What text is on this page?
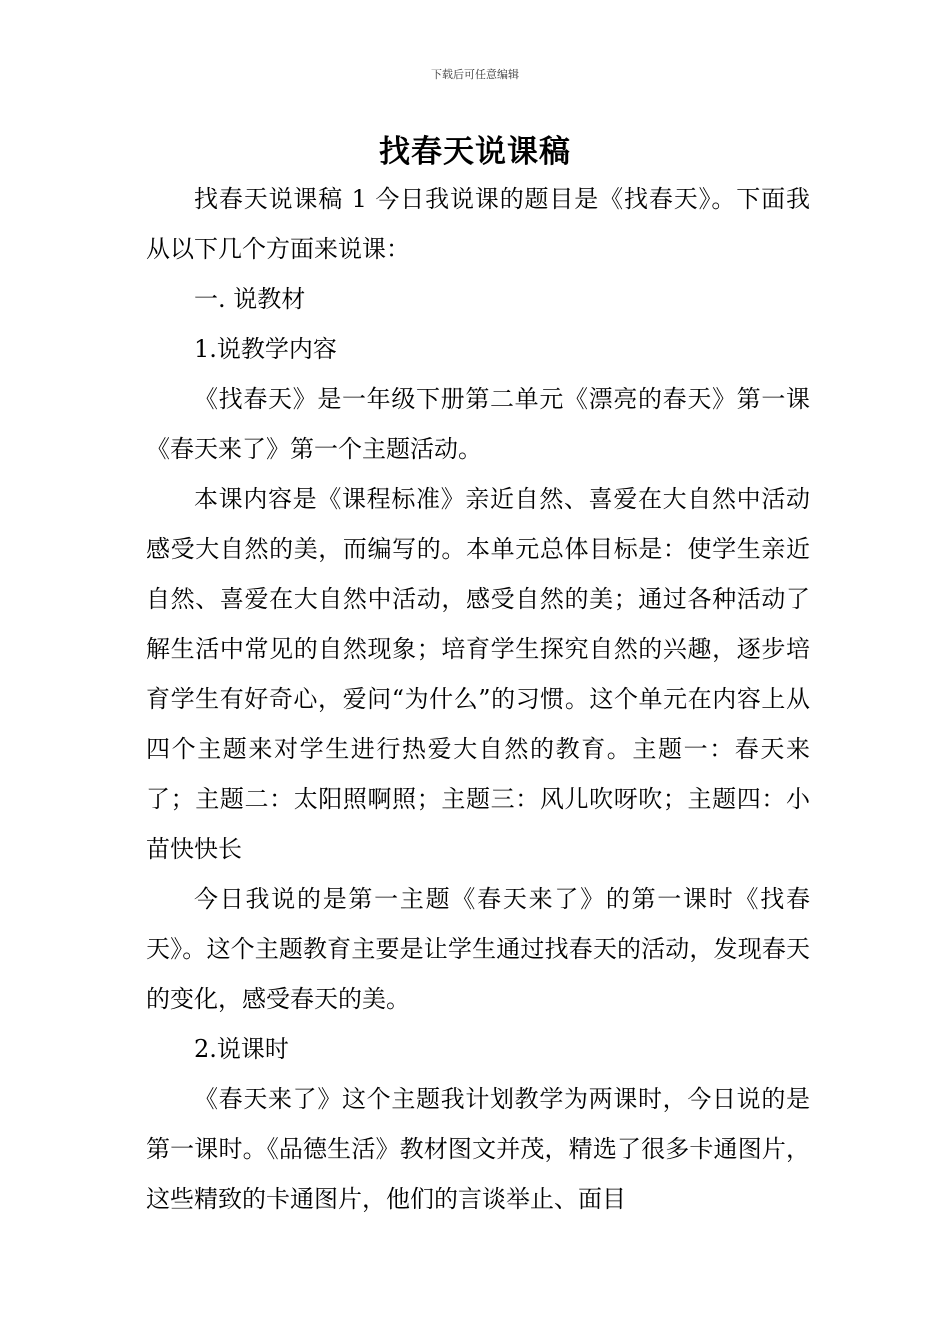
下载后可任意编辑
找春天说课稿

找春天说课稿 1 今日我说课的题目是《找春天》。下面我从以下几个方面来说课：

一. 说教材

1.说教学内容

《找春天》是一年级下册第二单元《漂亮的春天》第一课《春天来了》第一个主题活动。

本课内容是《课程标准》亲近自然、喜爱在大自然中活动感受大自然的美，而编写的。本单元总体目标是：使学生亲近自然、喜爱在大自然中活动，感受自然的美；通过各种活动了解生活中常见的自然现象；培育学生探究自然的兴趣，逐步培育学生有好奇心，爱问“为什么”的习惯。这个单元在内容上从四个主题来对学生进行热爱大自然的教育。主题一：春天来了；主题二：太阳照啊照；主题三：风儿吹呀吹；主题四：小苗快快长

今日我说的是第一主题《春天来了》的第一课时《找春天》。这个主题教育主要是让学生通过找春天的活动，发现春天的变化，感受春天的美。

2.说课时

《春天来了》这个主题我计划教学为两课时，今日说的是第一课时。《品德生活》教材图文并茂，精选了很多卡通图片，这些精致的卡通图片，他们的言谈举止、面目
